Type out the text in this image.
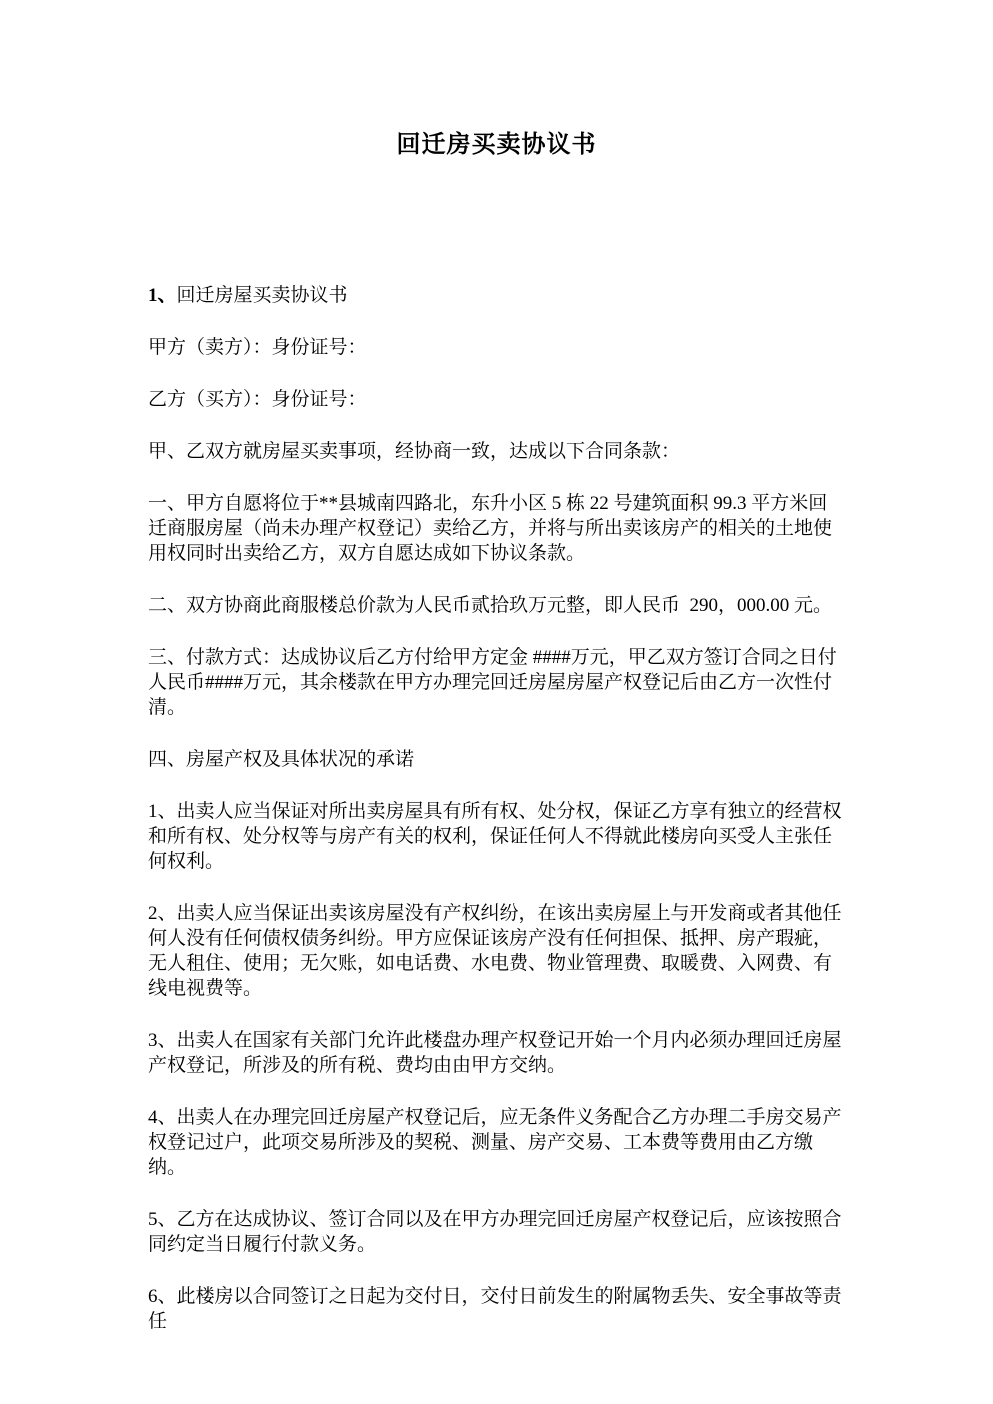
回迁房买卖协议书
1、回迁房屋买卖协议书

甲方（卖方）：身份证号：

乙方（买方）：身份证号：

甲、乙双方就房屋买卖事项，经协商一致，达成以下合同条款：

一、甲方自愿将位于**县城南四路北，东升小区 5 栋 22 号建筑面积 99.3 平方米回迁商服房屋（尚未办理产权登记）卖给乙方，并将与所出卖该房产的相关的土地使用权同时出卖给乙方，双方自愿达成如下协议条款。

二、双方协商此商服楼总价款为人民币贰拾玖万元整，即人民币  290，000.00 元。

三、付款方式：达成协议后乙方付给甲方定金 ####万元，甲乙双方签订合同之日付人民币####万元，其余楼款在甲方办理完回迁房屋房屋产权登记后由乙方一次性付清。

四、房屋产权及具体状况的承诺

1、出卖人应当保证对所出卖房屋具有所有权、处分权，保证乙方享有独立的经营权和所有权、处分权等与房产有关的权利，保证任何人不得就此楼房向买受人主张任何权利。

2、出卖人应当保证出卖该房屋没有产权纠纷，在该出卖房屋上与开发商或者其他任何人没有任何债权债务纠纷。甲方应保证该房产没有任何担保、抵押、房产瑕疵，无人租住、使用；无欠账，如电话费、水电费、物业管理费、取暖费、入网费、有线电视费等。

3、出卖人在国家有关部门允许此楼盘办理产权登记开始一个月内必须办理回迁房屋产权登记，所涉及的所有税、费均由由甲方交纳。

4、出卖人在办理完回迁房屋产权登记后，应无条件义务配合乙方办理二手房交易产权登记过户，此项交易所涉及的契税、测量、房产交易、工本费等费用由乙方缴纳。

5、乙方在达成协议、签订合同以及在甲方办理完回迁房屋产权登记后，应该按照合同约定当日履行付款义务。

6、此楼房以合同签订之日起为交付日，交付日前发生的附属物丢失、安全事故等责任
